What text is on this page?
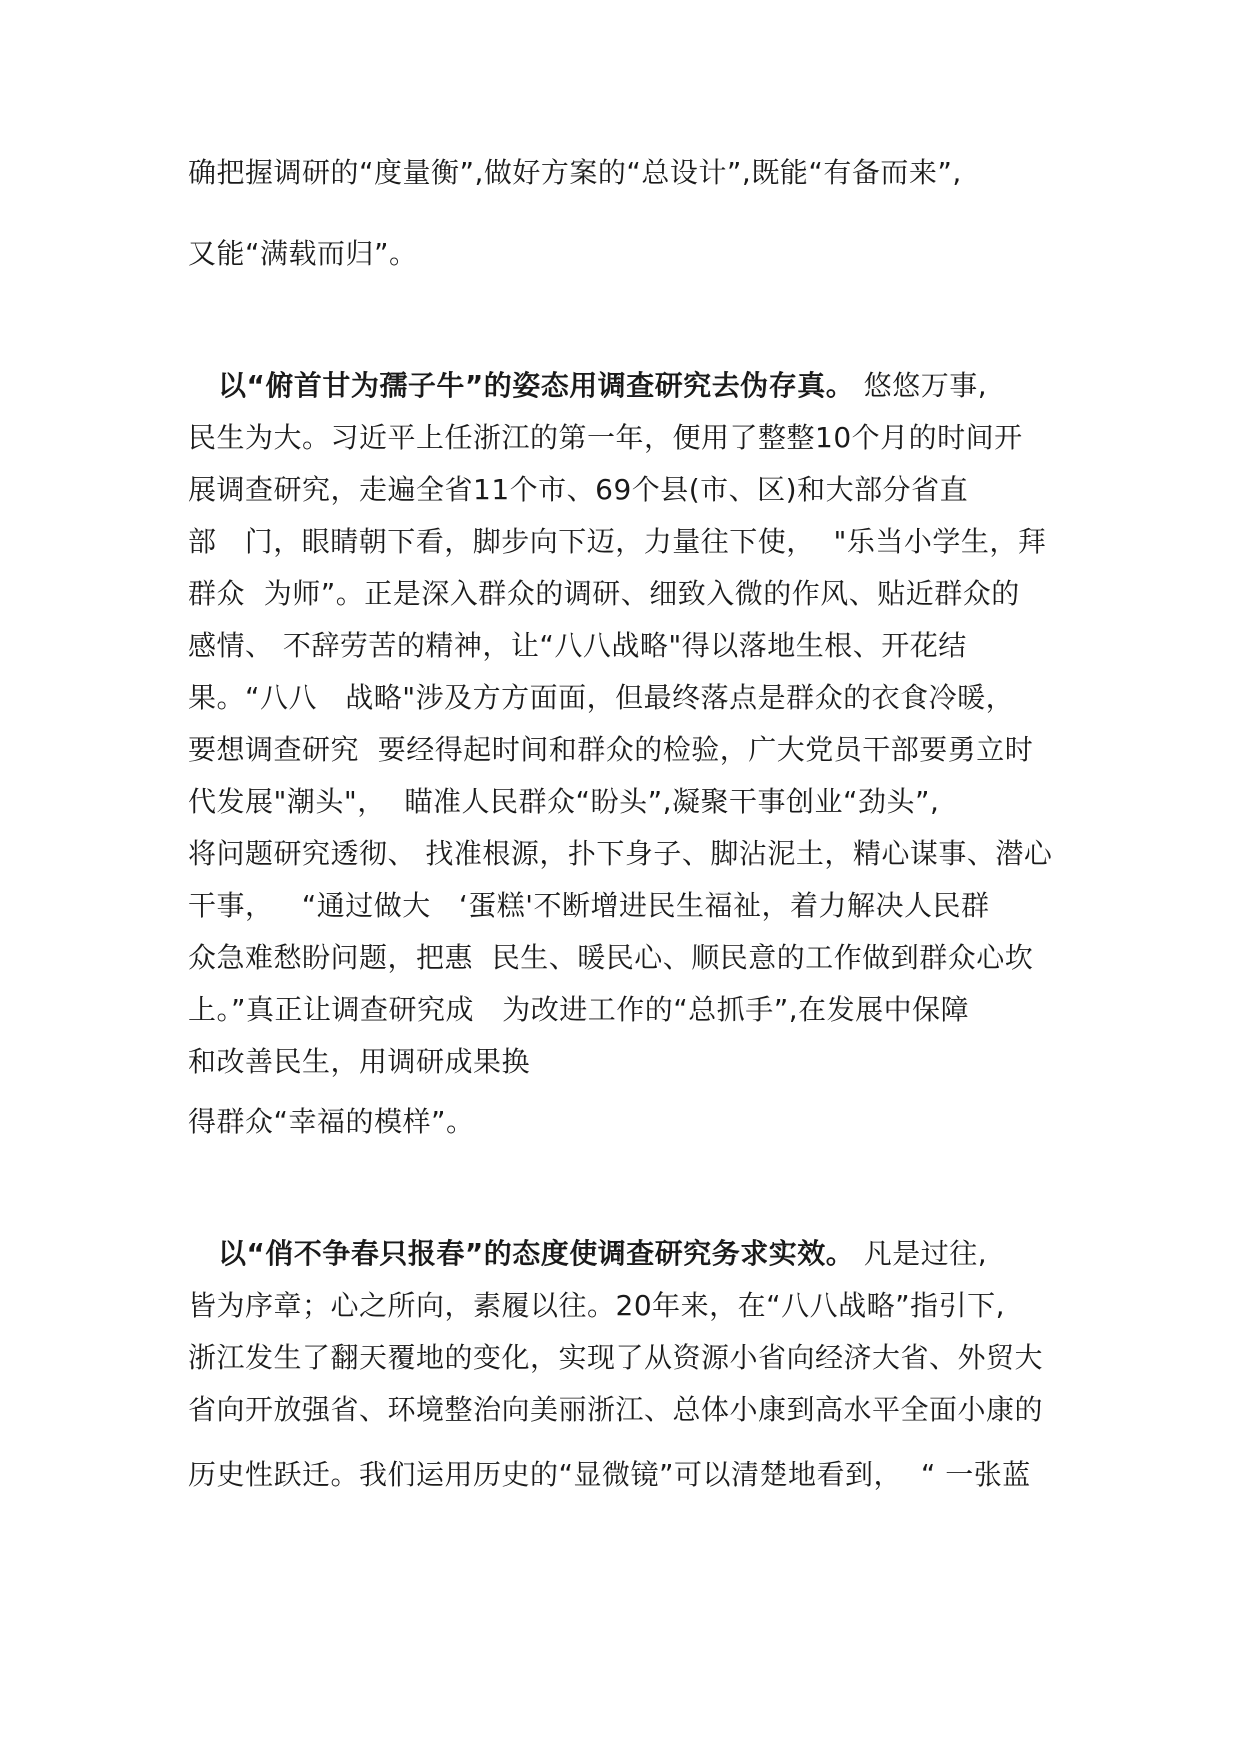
确把握调研的“度量衡”,做好方案的“总设计”,既能“有备而来”,
又能“满载而归”。
以“俯首甘为孺子牛”的姿态用调查研究去伪存真。 悠悠万事,
民生为大。习近平上任浙江的第一年，便用了整整10个月的时间开
展调查研究，走遍全省11个市、69个县(市、区)和大部分省直
部   门，眼睛朝下看，脚步向下迈，力量往下使，  "乐当小学生，拜
群众  为师”。正是深入群众的调研、细致入微的作风、贴近群众的
感情、 不辞劳苦的精神，让“八八战略"得以落地生根、开花结
果。“八八   战略"涉及方方面面，但最终落点是群众的衣食冷暖，
要想调查研究  要经得起时间和群众的检验，广大党员干部要勇立时
代发展"潮头"，  瞄准人民群众“盼头”,凝聚干事创业“劲头”,
将问题研究透彻、 找准根源，扑下身子、脚沾泥土，精心谋事、潜心
干事，   “通过做大   ‘蛋糕'不断增进民生福祉，着力解决人民群
众急难愁盼问题，把惠  民生、暖民心、顺民意的工作做到群众心坎
上。”真正让调查研究成   为改进工作的“总抓手”,在发展中保障
和改善民生，用调研成果换
得群众“幸福的模样”。
以“俏不争春只报春”的态度使调查研究务求实效。 凡是过往,
皆为序章；心之所向，素履以往。20年来，在“八八战略”指引下,
浙江发生了翻天覆地的变化，实现了从资源小省向经济大省、外贸大
省向开放强省、环境整治向美丽浙江、总体小康到高水平全面小康的
历史性跃迁。我们运用历史的“显微镜”可以清楚地看到，  “ 一张蓝
